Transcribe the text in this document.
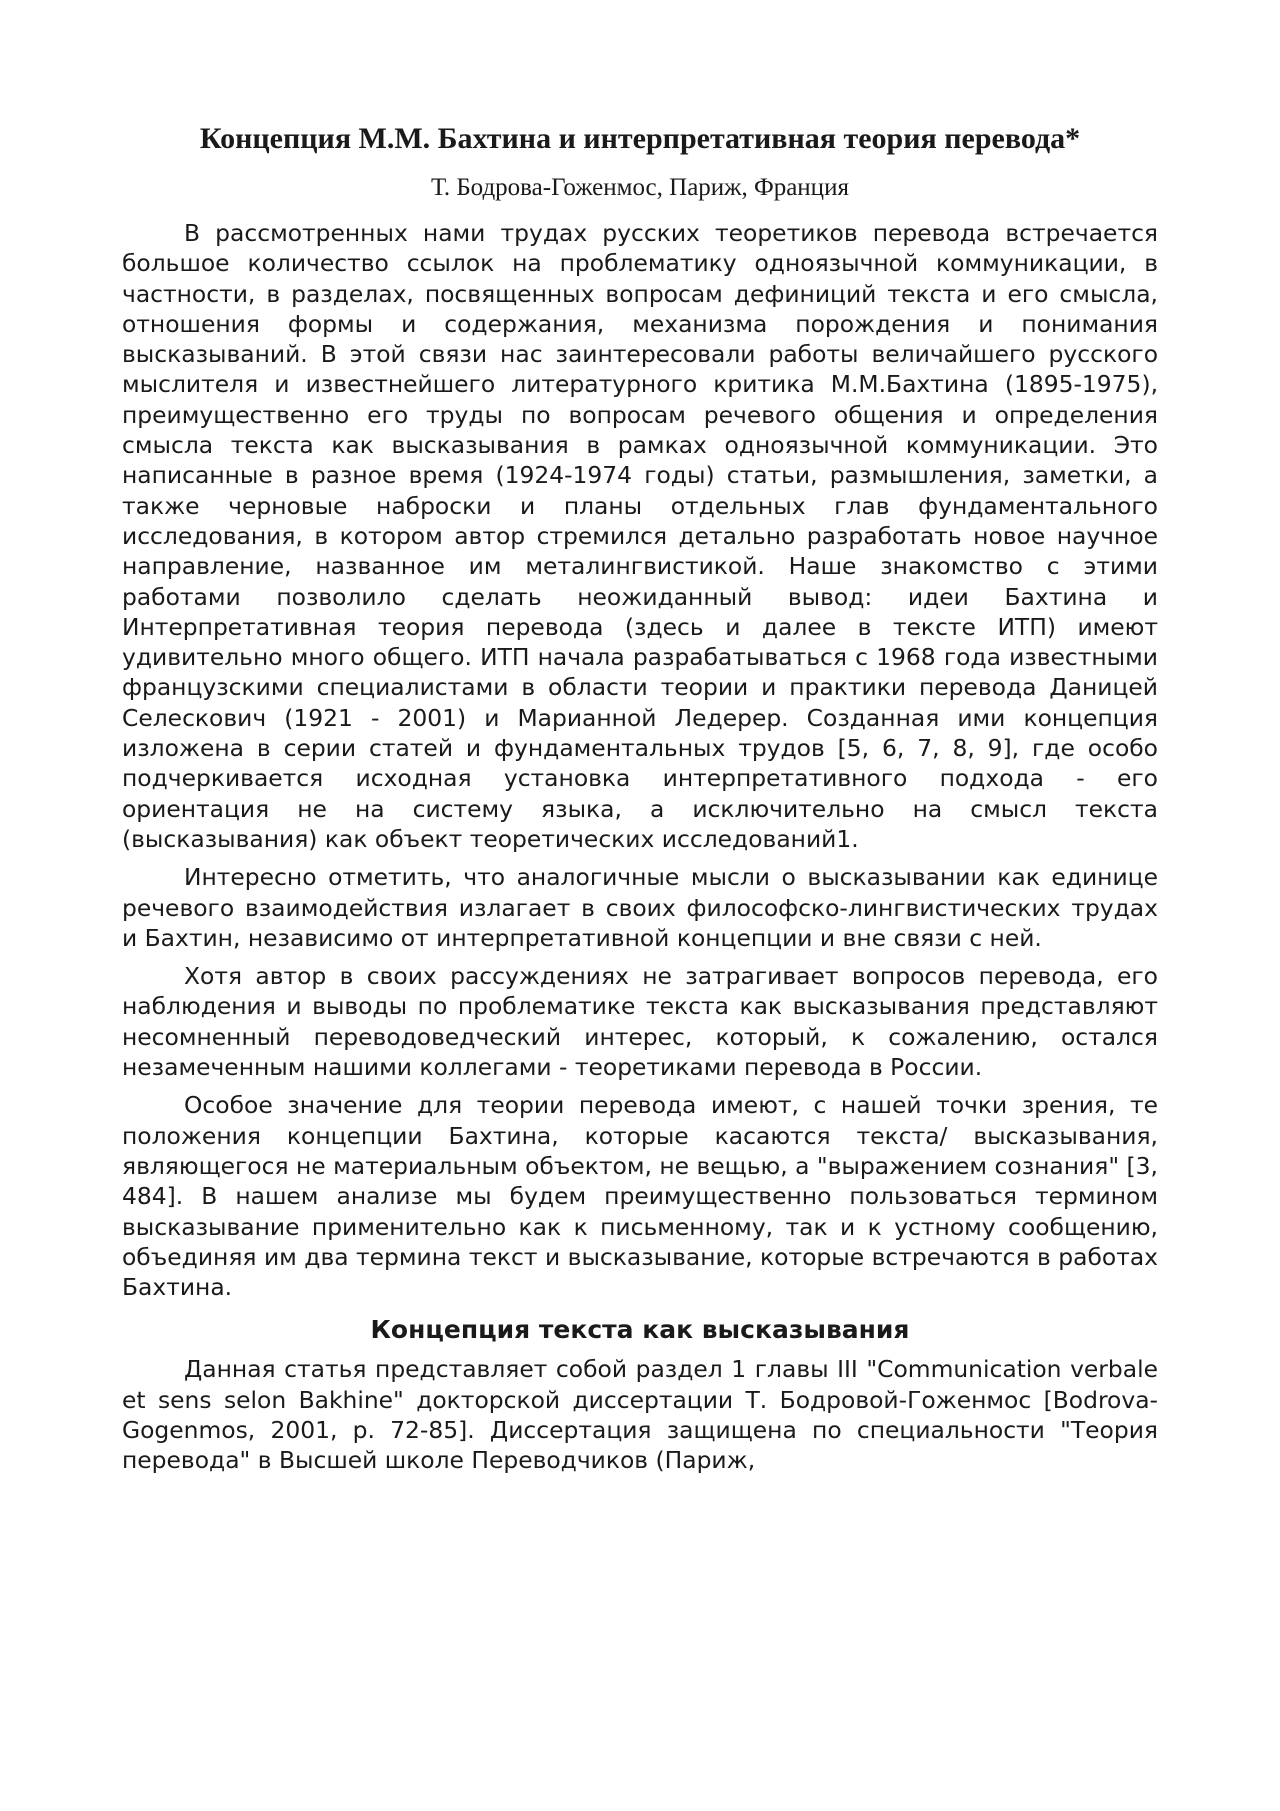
Концепция М.М. Бахтина и интерпретативная теория перевода*
Т. Бодрова-Гоженмос, Париж, Франция

В рассмотренных нами трудах русских теоретиков перевода встречается большое количество ссылок на проблематику одноязычной коммуникации, в частности, в разделах, посвященных вопросам дефиниций текста и его смысла, отношения формы и содержания, механизма порождения и понимания высказываний. В этой связи нас заинтересовали работы величайшего русского мыслителя и известнейшего литературного критика М.М.Бахтина (1895-1975), преимущественно его труды по вопросам речевого общения и определения смысла текста как высказывания в рамках одноязычной коммуникации. Это написанные в разное время (1924-1974 годы) статьи, размышления, заметки, а также черновые наброски и планы отдельных глав фундаментального исследования, в котором автор стремился детально разработать новое научное направление, названное им металингвистикой. Наше знакомство с этими работами позволило сделать неожиданный вывод: идеи Бахтина и Интерпретативная теория перевода (здесь и далее в тексте ИТП) имеют удивительно много общего. ИТП начала разрабатываться с 1968 года известными французскими специалистами в области теории и практики перевода Даницей Селескович (1921 - 2001) и Марианной Ледерер. Созданная ими концепция изложена в серии статей и фундаментальных трудов [5, 6, 7, 8, 9], где особо подчеркивается исходная установка интерпретативного подхода - его ориентация не на систему языка, а исключительно на смысл текста (высказывания) как объект теоретических исследований1.

Интересно отметить, что аналогичные мысли о высказывании как единице речевого взаимодействия излагает в своих философско-лингвистических трудах и Бахтин, независимо от интерпретативной концепции и вне связи с ней.

Хотя автор в своих рассуждениях не затрагивает вопросов перевода, его наблюдения и выводы по проблематике текста как высказывания представляют несомненный переводоведческий интерес, который, к сожалению, остался незамеченным нашими коллегами - теоретиками перевода в России.

Особое значение для теории перевода имеют, с нашей точки зрения, те положения концепции Бахтина, которые касаются текста/ высказывания, являющегося не материальным объектом, не вещью, а "выражением сознания" [3, 484]. В нашем анализе мы будем преимущественно пользоваться термином высказывание применительно как к письменному, так и к устному сообщению, объединяя им два термина текст и высказывание, которые встречаются в работах Бахтина.

Концепция текста как высказывания

Данная статья представляет собой раздел 1 главы III "Communication verbale et sens selon Bakhine" докторской диссертации Т. Бодровой-Гоженмос [Bodrova-Gogenmos, 2001, p. 72-85]. Диссертация защищена по специальности "Теория перевода" в Высшей школе Переводчиков (Париж,
